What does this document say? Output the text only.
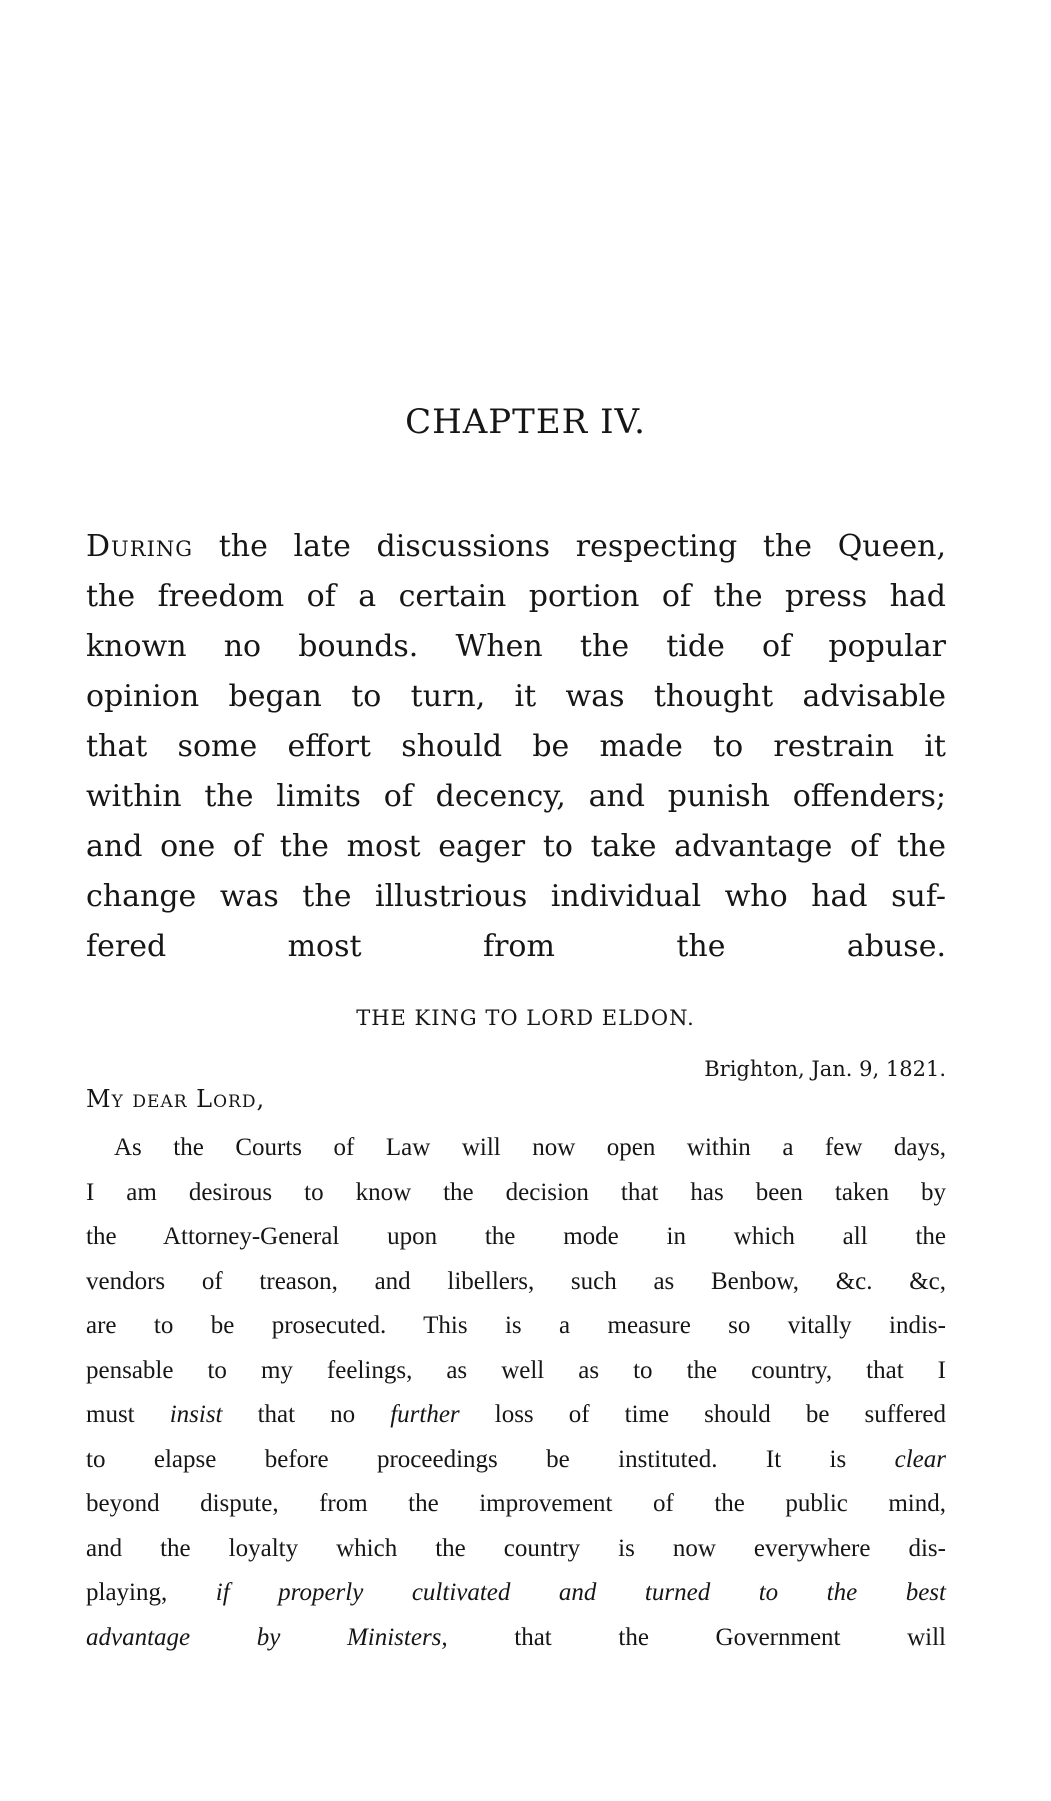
CHAPTER IV.
During the late discussions respecting the Queen,
the freedom of a certain portion of the press had
known no bounds. When the tide of popular
opinion began to turn, it was thought advisable
that some effort should be made to restrain it
within the limits of decency, and punish offenders;
and one of the most eager to take advantage of the
change was the illustrious individual who had suf-
fered most from the abuse.
THE KING TO LORD ELDON.
Brighton, Jan. 9, 1821.
My dear Lord,
As the Courts of Law will now open within a few days,
I am desirous to know the decision that has been taken by
the Attorney-General upon the mode in which all the
vendors of treason, and libellers, such as Benbow, &c. &c,
are to be prosecuted. This is a measure so vitally indis-
pensable to my feelings, as well as to the country, that I
must insist that no further loss of time should be suffered
to elapse before proceedings be instituted. It is clear
beyond dispute, from the improvement of the public mind,
and the loyalty which the country is now everywhere dis-
playing, if properly cultivated and turned to the best
advantage by Ministers, that the Government will
